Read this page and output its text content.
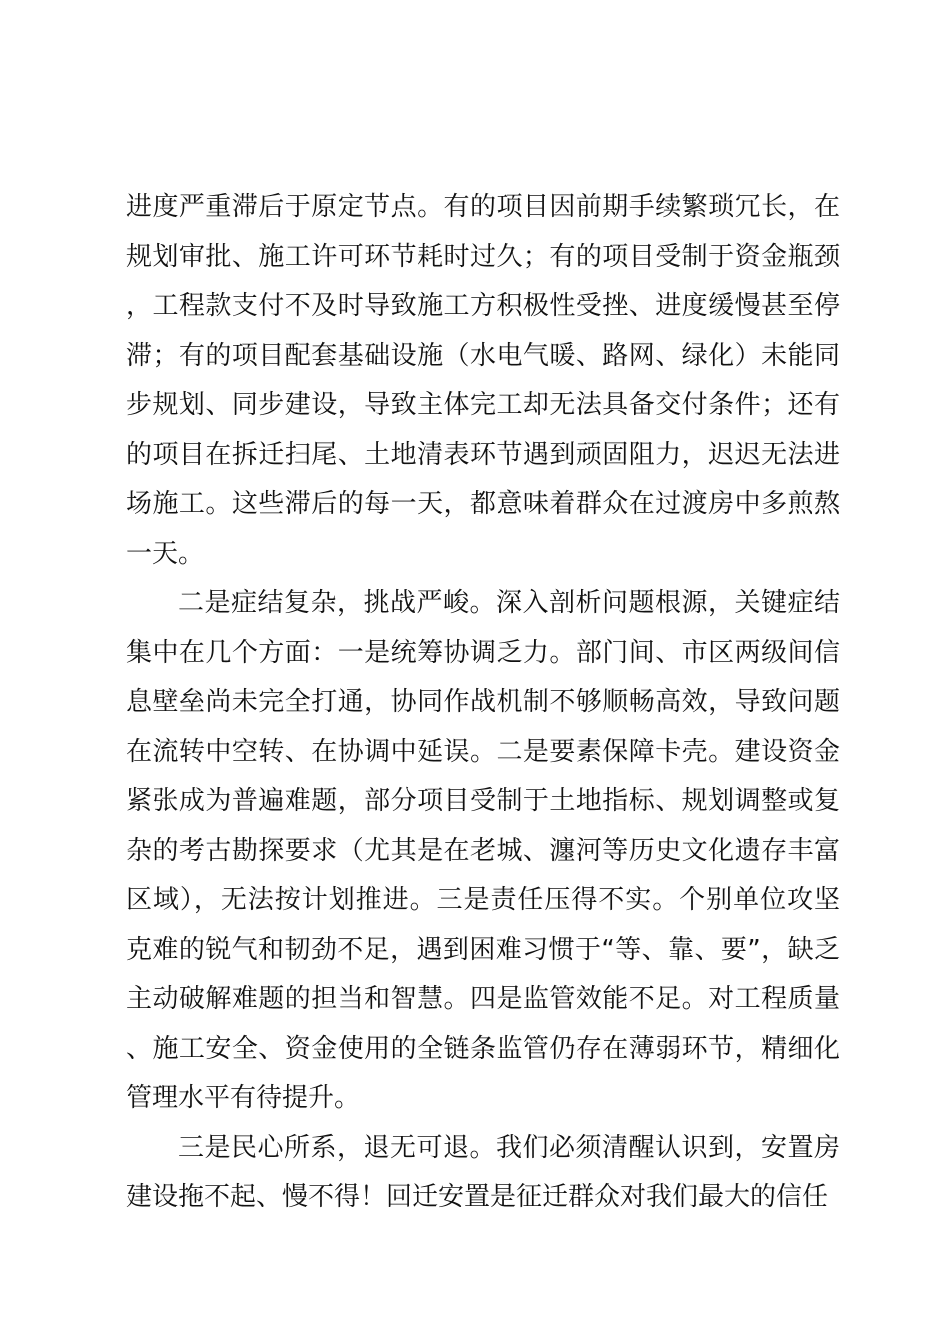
进度严重滞后于原定节点。有的项目因前期手续繁琐冗长，在规划审批、施工许可环节耗时过久；有的项目受制于资金瓶颈，工程款支付不及时导致施工方积极性受挫、进度缓慢甚至停滞；有的项目配套基础设施（水电气暖、路网、绿化）未能同步规划、同步建设，导致主体完工却无法具备交付条件；还有的项目在拆迁扫尾、土地清表环节遇到顽固阻力，迟迟无法进场施工。这些滞后的每一天，都意味着群众在过渡房中多煎熬一天。

二是症结复杂，挑战严峻。深入剖析问题根源，关键症结集中在几个方面：一是统筹协调乏力。部门间、市区两级间信息壁垒尚未完全打通，协同作战机制不够顺畅高效，导致问题在流转中空转、在协调中延误。二是要素保障卡壳。建设资金紧张成为普遍难题，部分项目受制于土地指标、规划调整或复杂的考古勘探要求（尤其是在老城、瀍河等历史文化遗存丰富区域），无法按计划推进。三是责任压得不实。个别单位攻坚克难的锐气和韧劲不足，遇到困难习惯于“等、靠、要”，缺乏主动破解难题的担当和智慧。四是监管效能不足。对工程质量、施工安全、资金使用的全链条监管仍存在薄弱环节，精细化管理水平有待提升。

三是民心所系，退无可退。我们必须清醒认识到，安置房建设拖不起、慢不得！回迁安置是征迁群众对我们最大的信任
